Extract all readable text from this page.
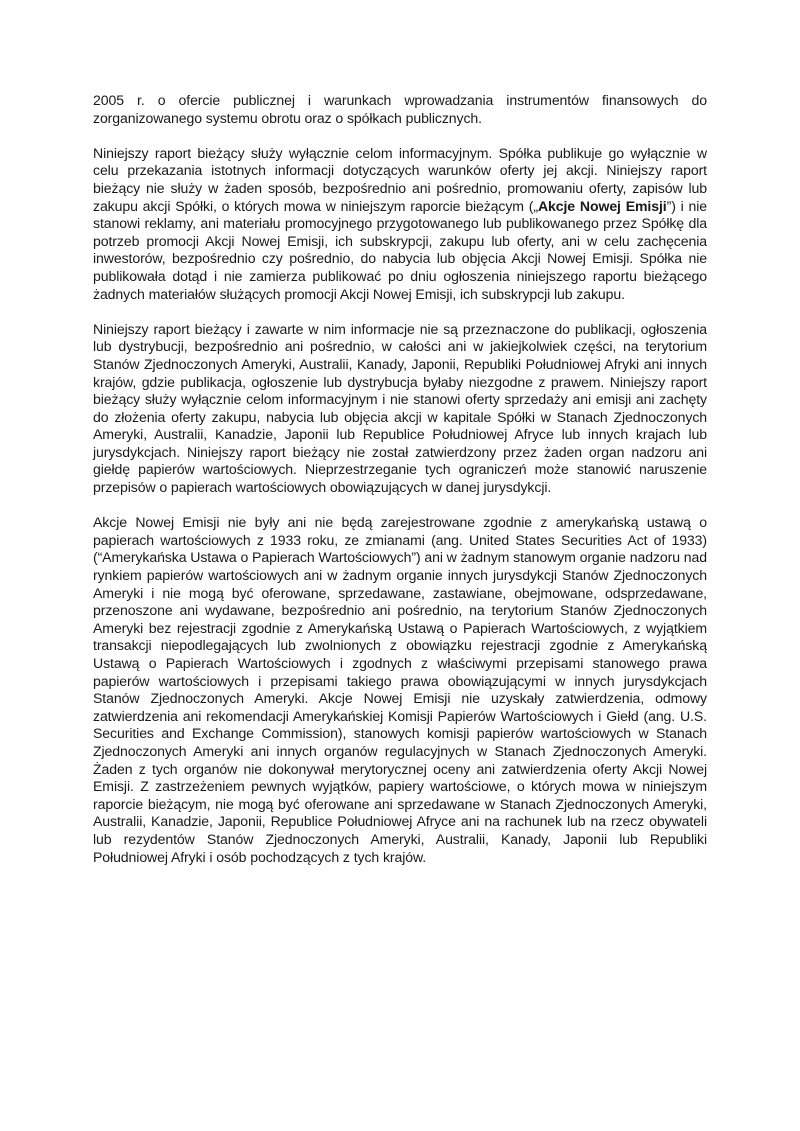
2005 r. o ofercie publicznej i warunkach wprowadzania instrumentów finansowych do zorganizowanego systemu obrotu oraz o spółkach publicznych.

Niniejszy raport bieżący służy wyłącznie celom informacyjnym. Spółka publikuje go wyłącznie w celu przekazania istotnych informacji dotyczących warunków oferty jej akcji. Niniejszy raport bieżący nie służy w żaden sposób, bezpośrednio ani pośrednio, promowaniu oferty, zapisów lub zakupu akcji Spółki, o których mowa w niniejszym raporcie bieżącym („Akcje Nowej Emisji”) i nie stanowi reklamy, ani materiału promocyjnego przygotowanego lub publikowanego przez Spółkę dla potrzeb promocji Akcji Nowej Emisji, ich subskrypcji, zakupu lub oferty, ani w celu zachęcenia inwestorów, bezpośrednio czy pośrednio, do nabycia lub objęcia Akcji Nowej Emisji. Spółka nie publikowała dotąd i nie zamierza publikować po dniu ogłoszenia niniejszego raportu bieżącego żadnych materiałów służących promocji Akcji Nowej Emisji, ich subskrypcji lub zakupu.

Niniejszy raport bieżący i zawarte w nim informacje nie są przeznaczone do publikacji, ogłoszenia lub dystrybucji, bezpośrednio ani pośrednio, w całości ani w jakiejkolwiek części, na terytorium Stanów Zjednoczonych Ameryki, Australii, Kanady, Japonii, Republiki Południowej Afryki ani innych krajów, gdzie publikacja, ogłoszenie lub dystrybucja byłaby niezgodne z prawem. Niniejszy raport bieżący służy wyłącznie celom informacyjnym i nie stanowi oferty sprzedaży ani emisji ani zachęty do złożenia oferty zakupu, nabycia lub objęcia akcji w kapitale Spółki w Stanach Zjednoczonych Ameryki, Australii, Kanadzie, Japonii lub Republice Południowej Afryce lub innych krajach lub jurysdykcjach. Niniejszy raport bieżący nie został zatwierdzony przez żaden organ nadzoru ani giełdę papierów wartościowych. Nieprzestrzeganie tych ograniczeń może stanowić naruszenie przepisów o papierach wartościowych obowiązujących w danej jurysdykcji.

Akcje Nowej Emisji nie były ani nie będą zarejestrowane zgodnie z amerykańską ustawą o papierach wartościowych z 1933 roku, ze zmianami (ang. United States Securities Act of 1933) (“Amerykańska Ustawa o Papierach Wartościowych”) ani w żadnym stanowym organie nadzoru nad rynkiem papierów wartościowych ani w żadnym organie innych jurysdykcji Stanów Zjednoczonych Ameryki i nie mogą być oferowane, sprzedawane, zastawiane, obejmowane, odsprzedawane, przenoszone ani wydawane, bezpośrednio ani pośrednio, na terytorium Stanów Zjednoczonych Ameryki bez rejestracji zgodnie z Amerykańską Ustawą o Papierach Wartościowych, z wyjątkiem transakcji niepodlegających lub zwolnionych z obowiązku rejestracji zgodnie z Amerykańską Ustawą o Papierach Wartościowych i zgodnych z właściwymi przepisami stanowego prawa papierów wartościowych i przepisami takiego prawa obowiązującymi w innych jurysdykcjach Stanów Zjednoczonych Ameryki. Akcje Nowej Emisji nie uzyskały zatwierdzenia, odmowy zatwierdzenia ani rekomendacji Amerykańskiej Komisji Papierów Wartościowych i Giełd (ang. U.S. Securities and Exchange Commission), stanowych komisji papierów wartościowych w Stanach Zjednoczonych Ameryki ani innych organów regulacyjnych w Stanach Zjednoczonych Ameryki. Żaden z tych organów nie dokonywał merytorycznej oceny ani zatwierdzenia oferty Akcji Nowej Emisji. Z zastrzeżeniem pewnych wyjątków, papiery wartościowe, o których mowa w niniejszym raporcie bieżącym, nie mogą być oferowane ani sprzedawane w Stanach Zjednoczonych Ameryki, Australii, Kanadzie, Japonii, Republice Południowej Afryce ani na rachunek lub na rzecz obywateli lub rezydentów Stanów Zjednoczonych Ameryki, Australii, Kanady, Japonii lub Republiki Południowej Afryki i osób pochodzących z tych krajów.
